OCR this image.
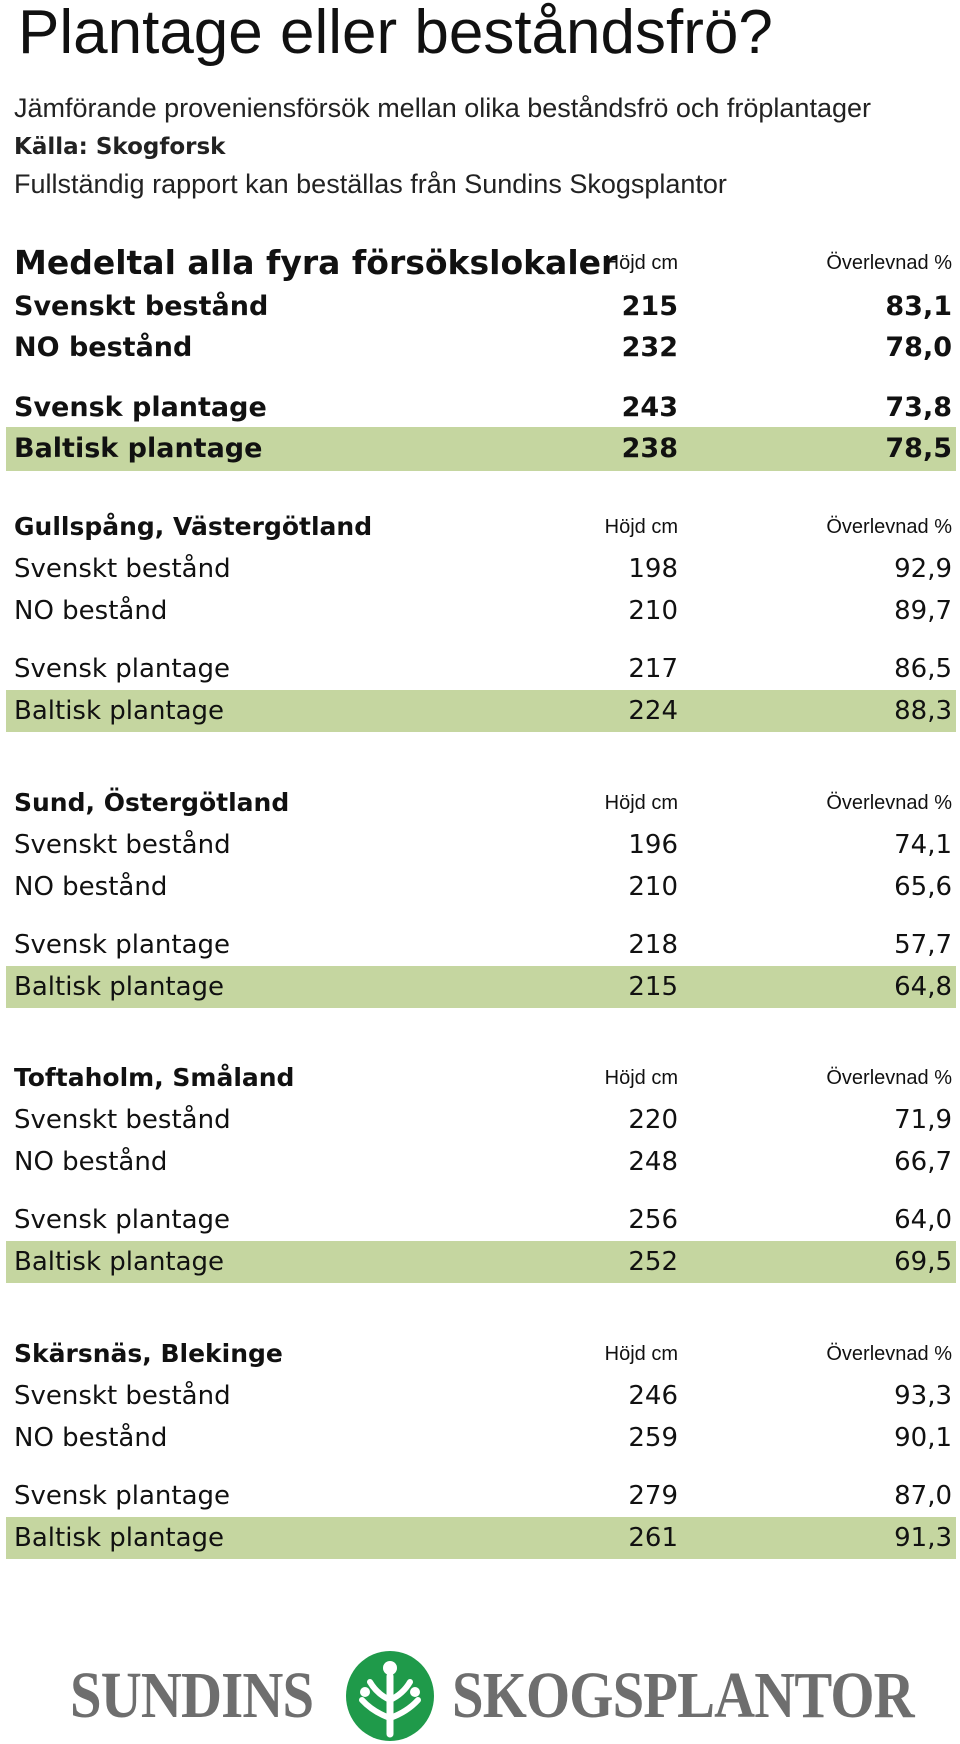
Plantage eller beståndsfrö?
Jämförande proveniensförsök mellan olika beståndsfrö och fröplantager
Källa: Skogforsk
Fullständig rapport kan beställas från Sundins Skogsplantor
Medeltal alla fyra försökslokaler
Höjd cm	Överlevnad %
Svenskt bestånd	215	83,1
NO bestånd	232	78,0
Svensk plantage	243	73,8
Baltisk plantage	238	78,5
Gullspång, Västergötland	Höjd cm	Överlevnad %
Svenskt bestånd	198	92,9
NO bestånd	210	89,7
Svensk plantage	217	86,5
Baltisk plantage	224	88,3
Sund, Östergötland	Höjd cm	Överlevnad %
Svenskt bestånd	196	74,1
NO bestånd	210	65,6
Svensk plantage	218	57,7
Baltisk plantage	215	64,8
Toftaholm, Småland	Höjd cm	Överlevnad %
Svenskt bestånd	220	71,9
NO bestånd	248	66,7
Svensk plantage	256	64,0
Baltisk plantage	252	69,5
Skärsnäs, Blekinge	Höjd cm	Överlevnad %
Svenskt bestånd	246	93,3
NO bestånd	259	90,1
Svensk plantage	279	87,0
Baltisk plantage	261	91,3
SUNDINS SKOGSPLANTOR
